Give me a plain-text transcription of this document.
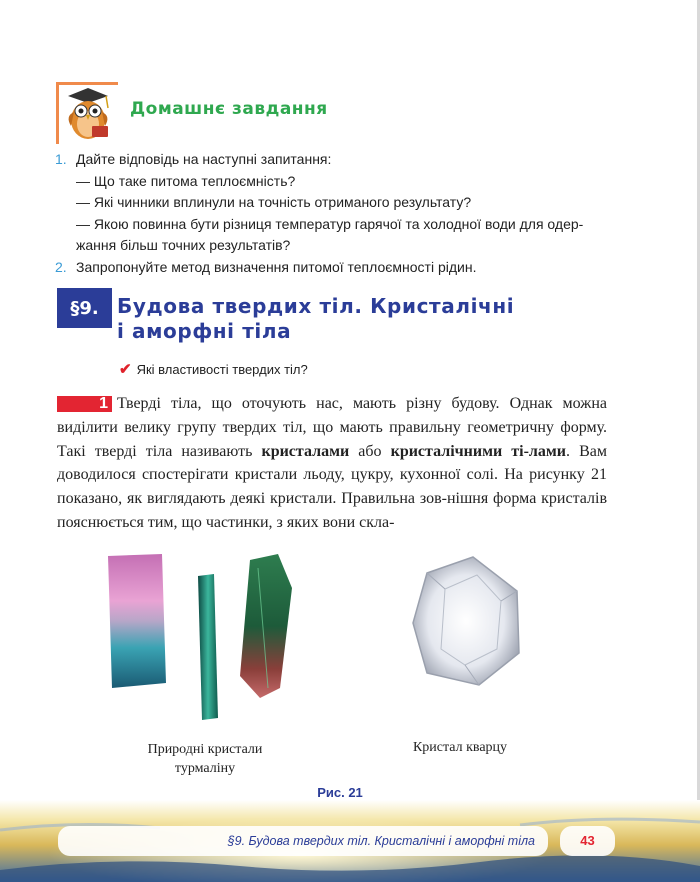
Домашнє завдання
1. Дайте відповідь на наступні запитання:
— Що таке питома теплоємність?
— Які чинники вплинули на точність отриманого результату?
— Якою повинна бути різниця температур гарячої та холодної води для одер-
жання більш точних результатів?
2. Запропонуйте метод визначення питомої теплоємності рідин.
§9. Будова твердих тіл. Кристалічні
і аморфні тіла
✔ Які властивості твердих тіл?
1 Тверді тіла, що оточують нас, мають різну будову. Однак можна виділити велику групу твердих тіл, що мають правильну геометричну форму. Такі тверді тіла називають кристалами або кристалічними ті-лами. Вам доводилося спостерігати кристали льоду, цукру, кухонної солі. На рисунку 21 показано, як виглядають деякі кристали. Правильна зов-нішня форма кристалів пояснюється тим, що частинки, з яких вони скла-
Природні кристали
турмаліну
Кристал кварцу
Рис. 21
§9. Будова твердих тіл. Кристалічні і аморфні тіла	43
